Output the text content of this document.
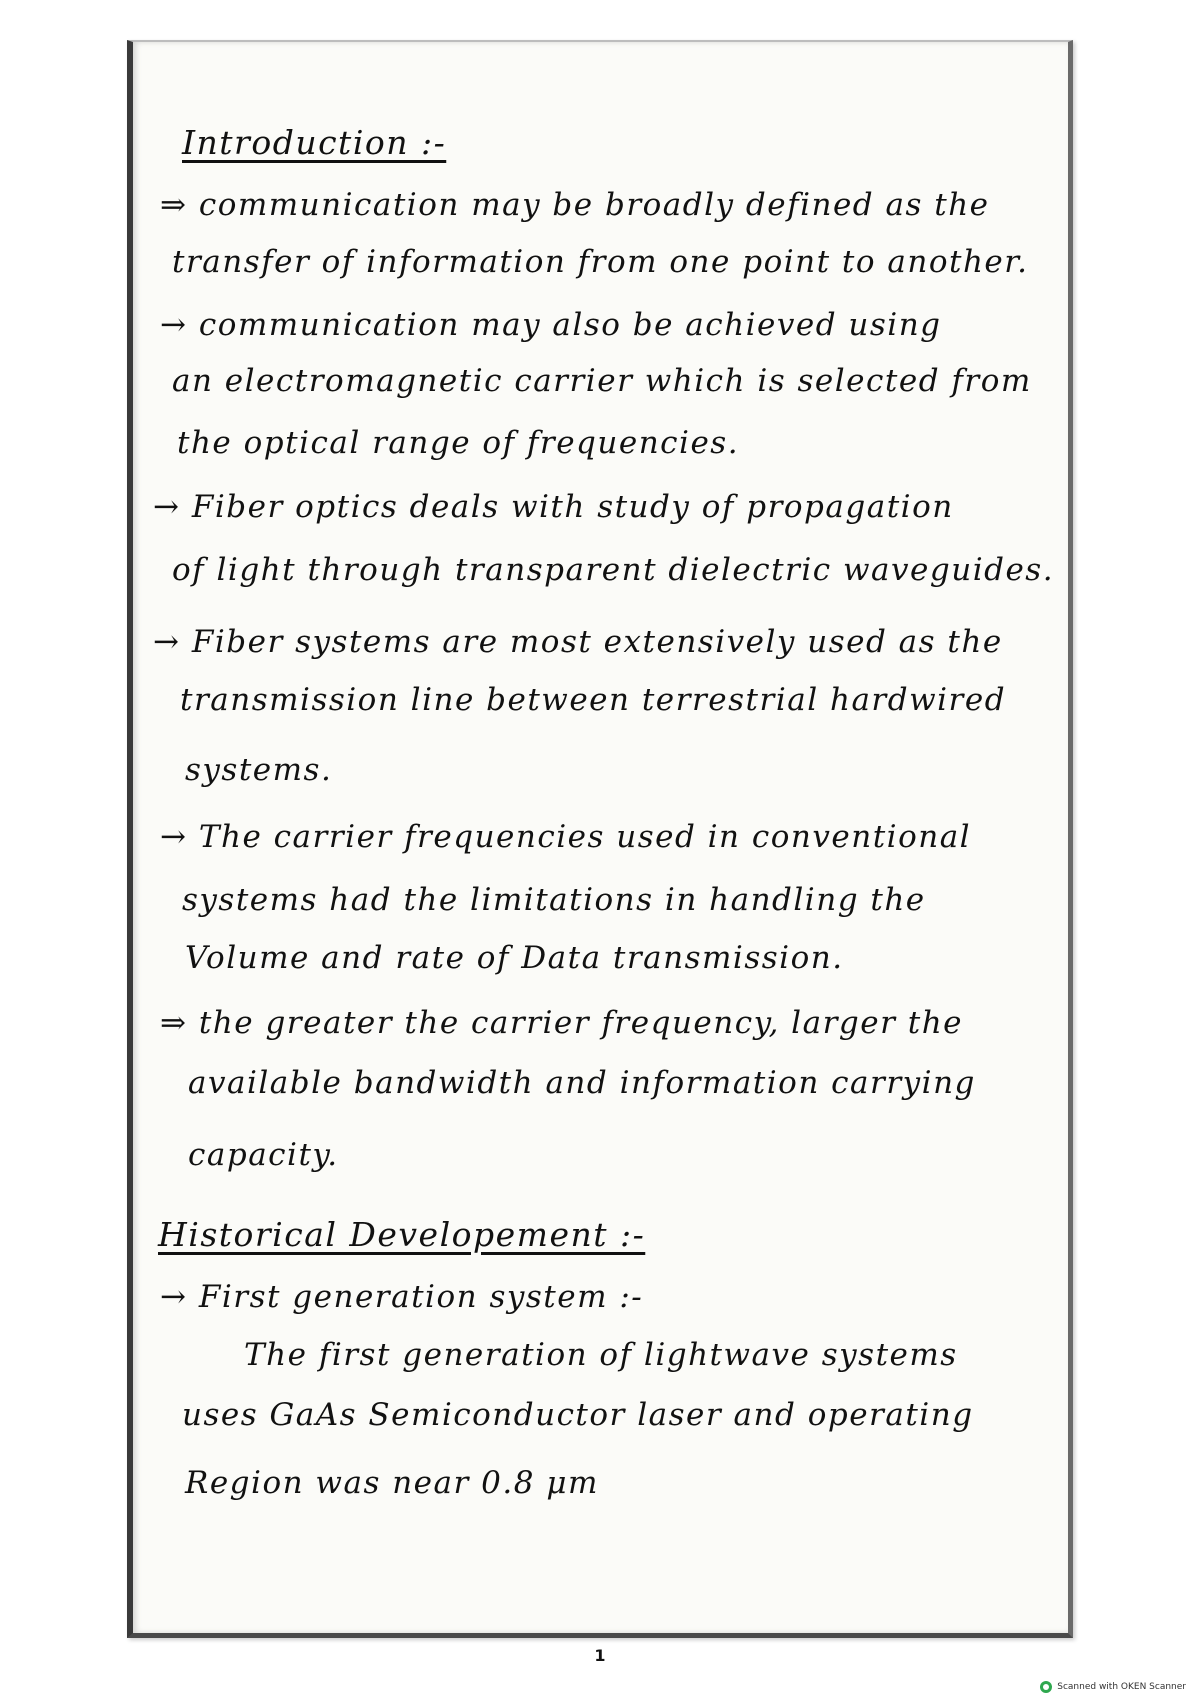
Introduction :-
⇒ communication may be broadly defined as the
transfer of information from one point to another.
→ communication may also be achieved using
an electromagnetic carrier which is selected from
the optical range of frequencies.
→ Fiber optics deals with study of propagation
of light through transparent dielectric waveguides.
→ Fiber systems are most extensively used as the
transmission line between terrestrial hardwired
systems.
→ The carrier frequencies used in conventional
systems had the limitations in handling the
Volume and rate of Data transmission.
⇒ the greater the carrier frequency, larger the
available bandwidth and information carrying
capacity.
Historical Developement :-
→ First generation system :-
The first generation of lightwave systems
uses GaAs Semiconductor laser and operating
Region was near 0.8 μm
1
Scanned with OKEN Scanner
